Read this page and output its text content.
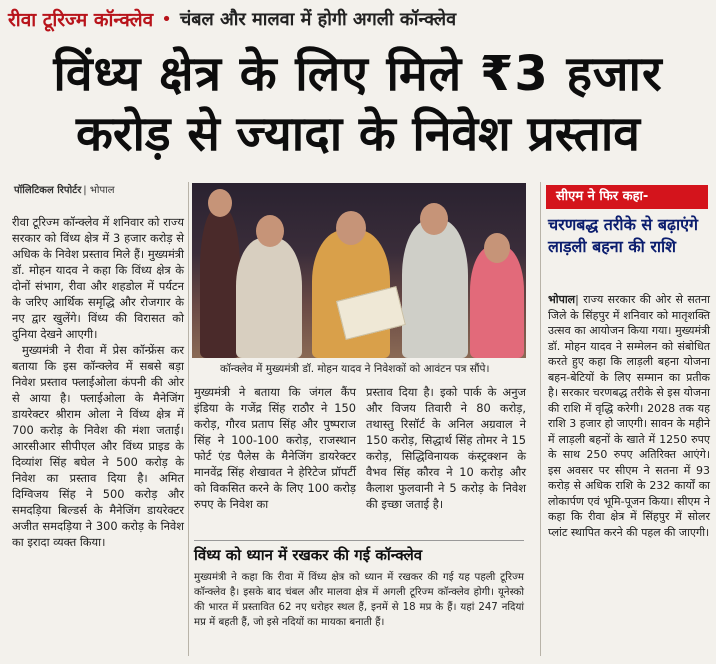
रीवा टूरिज्म कॉन्क्लेव • चंबल और मालवा में होगी अगली कॉन्क्लेव
विंध्य क्षेत्र के लिए मिले ₹3 हजार
करोड़ से ज्यादा के निवेश प्रस्ताव
पॉलिटिकल रिपोर्टर | भोपाल

रीवा टूरिज्म कॉन्क्लेव में शनिवार को राज्य सरकार को विंध्य क्षेत्र में 3 हजार करोड़ से अधिक के निवेश प्रस्ताव मिले हैं। मुख्यमंत्री डॉ. मोहन यादव ने कहा कि विंध्य क्षेत्र के दोनों संभाग, रीवा और शहडोल में पर्यटन के जरिए आर्थिक समृद्धि और रोजगार के नए द्वार खुलेंगे। विंध्य की विरासत को दुनिया देखने आएगी।

मुख्यमंत्री ने रीवा में प्रेस कॉन्फ्रेंस कर बताया कि इस कॉन्क्लेव में सबसे बड़ा निवेश प्रस्ताव फ्लाईओला कंपनी की ओर से आया है। फ्लाईओला के मैनेजिंग डायरेक्टर श्रीराम ओला ने विंध्य क्षेत्र में 700 करोड़ के निवेश की मंशा जताई। आरसीआर सीपीएल और विंध्य प्राइड के दिव्यांश सिंह बघेल ने 500 करोड़ के निवेश का प्रस्ताव दिया है। अमित दिग्विजय सिंह ने 500 करोड़ और समदड़िया बिल्डर्स के मैनेजिंग डायरेक्टर अजीत समदड़िया ने 300 करोड़ के निवेश का इरादा व्यक्त किया।

कॉन्क्लेव में मुख्यमंत्री डॉ. मोहन यादव ने निवेशकों को आवंटन पत्र सौंपे।

मुख्यमंत्री ने बताया कि जंगल कैंप इंडिया के गजेंद्र सिंह राठौर ने 150 करोड़, गौरव प्रताप सिंह और पुष्पराज सिंह ने 100-100 करोड़, राजस्थान फोर्ट एंड पैलेस के मैनेजिंग डायरेक्टर मानवेंद्र सिंह शेखावत ने हेरिटेज प्रॉपर्टी को विकसित करने के लिए 100 करोड़ रुपए के निवेश का

प्रस्ताव दिया है। इको पार्क के अनुज और विजय तिवारी ने 80 करोड़, तथास्तु रिसॉर्ट के अनिल अग्रवाल ने 150 करोड़, सिद्धार्थ सिंह तोमर ने 15 करोड़, सिद्धिविनायक कंस्ट्रक्शन के वैभव सिंह कौरव ने 10 करोड़ और कैलाश फुलवानी ने 5 करोड़ के निवेश की इच्छा जताई है।

विंध्य को ध्यान में रखकर की गई कॉन्क्लेव

मुख्यमंत्री ने कहा कि रीवा में विंध्य क्षेत्र को ध्यान में रखकर की गई यह पहली टूरिज्म कॉन्क्लेव है। इसके बाद चंबल और मालवा क्षेत्र में अगली टूरिज्म कॉन्क्लेव होगी। यूनेस्को की भारत में प्रस्तावित 62 नए धरोहर स्थल हैं, इनमें से 18 मप्र के हैं। यहां 247 नदियां मप्र में बहती हैं, जो इसे नदियों का मायका बनाती हैं।

सीएम ने फिर कहा-
चरणबद्ध तरीके से बढ़ाएंगे लाड़ली बहना की राशि

भोपाल| राज्य सरकार की ओर से सतना जिले के सिंहपुर में शनिवार को मातृशक्ति उत्सव का आयोजन किया गया। मुख्यमंत्री डॉ. मोहन यादव ने सम्मेलन को संबोधित करते हुए कहा कि लाड़ली बहना योजना बहन-बेटियों के लिए सम्मान का प्रतीक है। सरकार चरणबद्ध तरीके से इस योजना की राशि में वृद्धि करेगी। 2028 तक यह राशि 3 हजार हो जाएगी। सावन के महीने में लाड़ली बहनों के खाते में 1250 रुपए के साथ 250 रुपए अतिरिक्त आएंगे। इस अवसर पर सीएम ने सतना में 93 करोड़ से अधिक राशि के 232 कार्यों का लोकार्पण एवं भूमि-पूजन किया। सीएम ने कहा कि रीवा क्षेत्र में सिंहपुर में सोलर प्लांट स्थापित करने की पहल की जाएगी।
